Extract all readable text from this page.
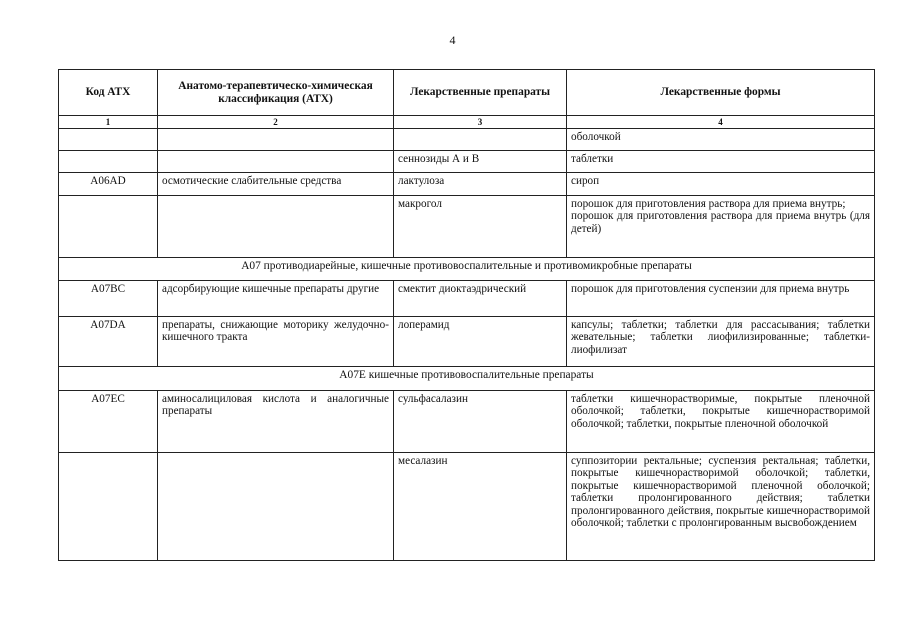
4
Код АТХ	Анатомо-терапевтическо-химическая классификация (АТХ)	Лекарственные препараты	Лекарственные формы
1	2	3	4
			оболочкой
		сеннозиды А и В	таблетки
A06AD	осмотические слабительные средства	лактулоза	сироп
		макрогол	порошок для приготовления раствора для приема внутрь;
порошок для приготовления раствора для приема внутрь (для детей)
A07 противодиарейные, кишечные противовоспалительные и противомикробные препараты			
A07BC	адсорбирующие кишечные препараты другие	смектит диоктаэдрический	порошок для приготовления суспензии для приема внутрь
A07DA	препараты, снижающие моторику желудочно-кишечного тракта	лоперамид	капсулы; таблетки; таблетки для рассасывания; таблетки жевательные; таблетки лиофилизированные; таблетки-лиофилизат
A07E кишечные противовоспалительные препараты			
A07EC	аминосалициловая кислота и аналогичные препараты	сульфасалазин	таблетки кишечнорастворимые, покрытые пленочной оболочкой; таблетки, покрытые кишечнорастворимой оболочкой; таблетки, покрытые пленочной оболочкой
		месалазин	суппозитории ректальные; суспензия ректальная; таблетки, покрытые кишечнорастворимой оболочкой; таблетки, покрытые кишечнорастворимой пленочной оболочкой; таблетки пролонгированного действия; таблетки пролонгированного действия, покрытые кишечнорастворимой оболочкой; таблетки с пролонгированным высвобождением
